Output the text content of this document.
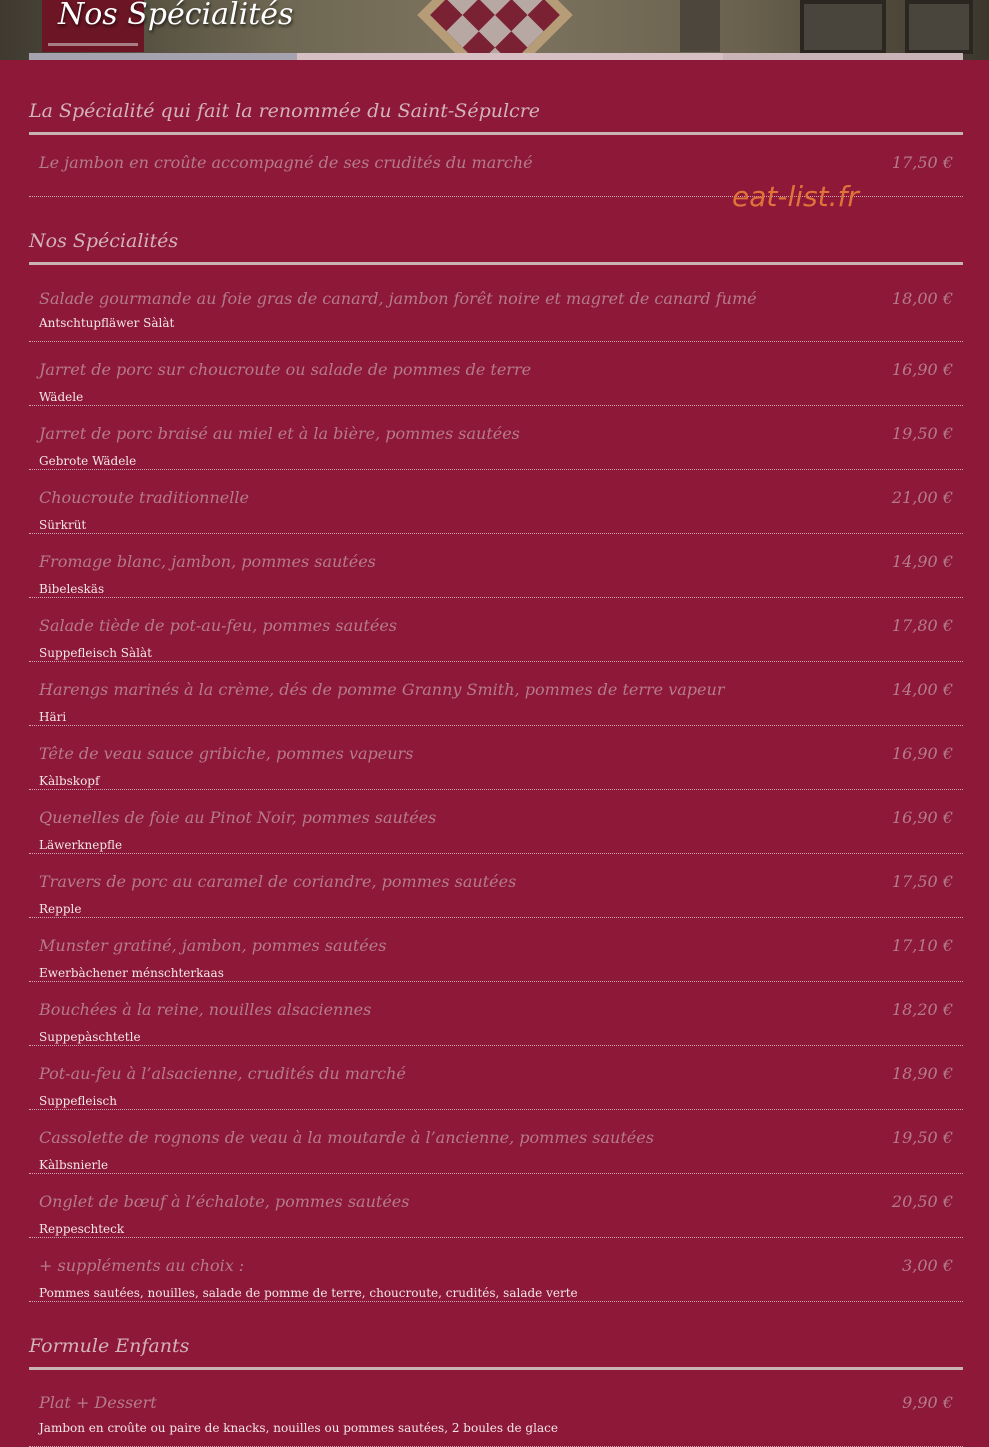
Nos Spécialités
La Spécialité qui fait la renommée du Saint-Sépulcre
Le jambon en croûte accompagné de ses crudités du marché	17,50 €
Nos Spécialités
Salade gourmande au foie gras de canard, jambon forêt noire et magret de canard fumé	18,00 €
Antschtupfläwer Sàlàt
Jarret de porc sur choucroute ou salade de pommes de terre	16,90 €
Wädele
Jarret de porc braisé au miel et à la bière, pommes sautées	19,50 €
Gebrote Wädele
Choucroute traditionnelle	21,00 €
Sürkrüt
Fromage blanc, jambon, pommes sautées	14,90 €
Bibeleskäs
Salade tiède de pot-au-feu, pommes sautées	17,80 €
Suppefleisch Sàlàt
Harengs marinés à la crème, dés de pomme Granny Smith, pommes de terre vapeur	14,00 €
Häri
Tête de veau sauce gribiche, pommes vapeurs	16,90 €
Kàlbskopf
Quenelles de foie au Pinot Noir, pommes sautées	16,90 €
Läwerknepfle
Travers de porc au caramel de coriandre, pommes sautées	17,50 €
Repple
Munster gratiné, jambon, pommes sautées	17,10 €
Ewerbàchener ménschterkaas
Bouchées à la reine, nouilles alsaciennes	18,20 €
Suppepàschtetle
Pot-au-feu à l’alsacienne, crudités du marché	18,90 €
Suppefleisch
Cassolette de rognons de veau à la moutarde à l’ancienne, pommes sautées	19,50 €
Kàlbsnierle
Onglet de bœuf à l’échalote, pommes sautées	20,50 €
Reppeschteck
+ suppléments au choix :	3,00 €
Pommes sautées, nouilles, salade de pomme de terre, choucroute, crudités, salade verte
Formule Enfants
Plat + Dessert	9,90 €
Jambon en croûte ou paire de knacks, nouilles ou pommes sautées, 2 boules de glace
eat-list.fr
